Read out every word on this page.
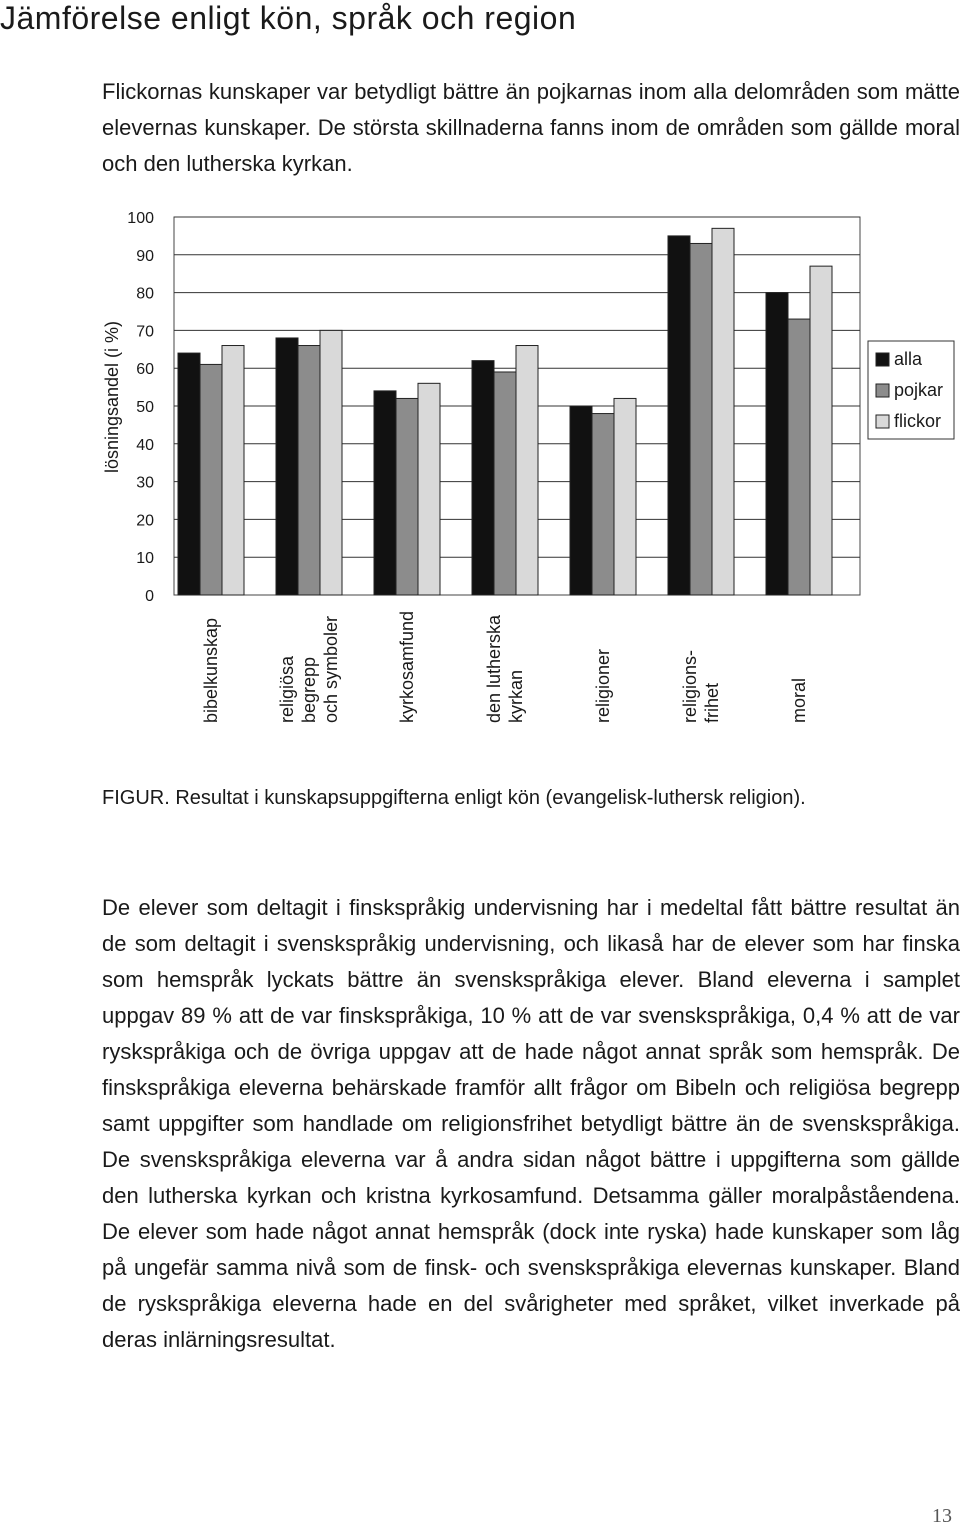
Jämförelse enligt kön, språk och region

Flickornas kunskaper var betydligt bättre än pojkarnas inom alla delområden som mätte elevernas kunskaper. De största skillnaderna fanns inom de områden som gällde moral och den lutherska kyrkan.

0
10
20
30
40
50
60
70
80
90
100
bibelkunskap	religiösa begrepp och symboler	kyrkosamfund	den lutherska kyrkan	religioner	religions- frihet	moral
alla
pojkar
flickor
lösningsandel (i %)
FIGUR. Resultat i kunskapsuppgifterna enligt kön (evangelisk-luthersk religion).

De elever som deltagit i finskspråkig undervisning har i medeltal fått bättre resultat än de som deltagit i svenskspråkig undervisning, och likaså har de elever som har finska som hemspråk lyckats bättre än svenskspråkiga elever. Bland eleverna i samplet uppgav 89 % att de var finskspråkiga, 10 % att de var svenskspråkiga, 0,4 % att de var ryskspråkiga och de övriga uppgav att de hade något annat språk som hemspråk. De finskspråkiga eleverna behärskade framför allt frågor om Bibeln och religiösa begrepp samt uppgifter som handlade om religionsfrihet betydligt bättre än de svenskspråkiga. De svenskspråkiga eleverna var å andra sidan något bättre i uppgifterna som gällde den lutherska kyrkan och kristna kyrkosamfund. Detsamma gäller moralpåståendena. De elever som hade något annat hemspråk (dock inte ryska) hade kunskaper som låg på ungefär samma nivå som de finsk- och svenskspråkiga elevernas kunskaper. Bland de ryskspråkiga eleverna hade en del svårigheter med språket, vilket inverkade på deras inlärningsresultat.

13
